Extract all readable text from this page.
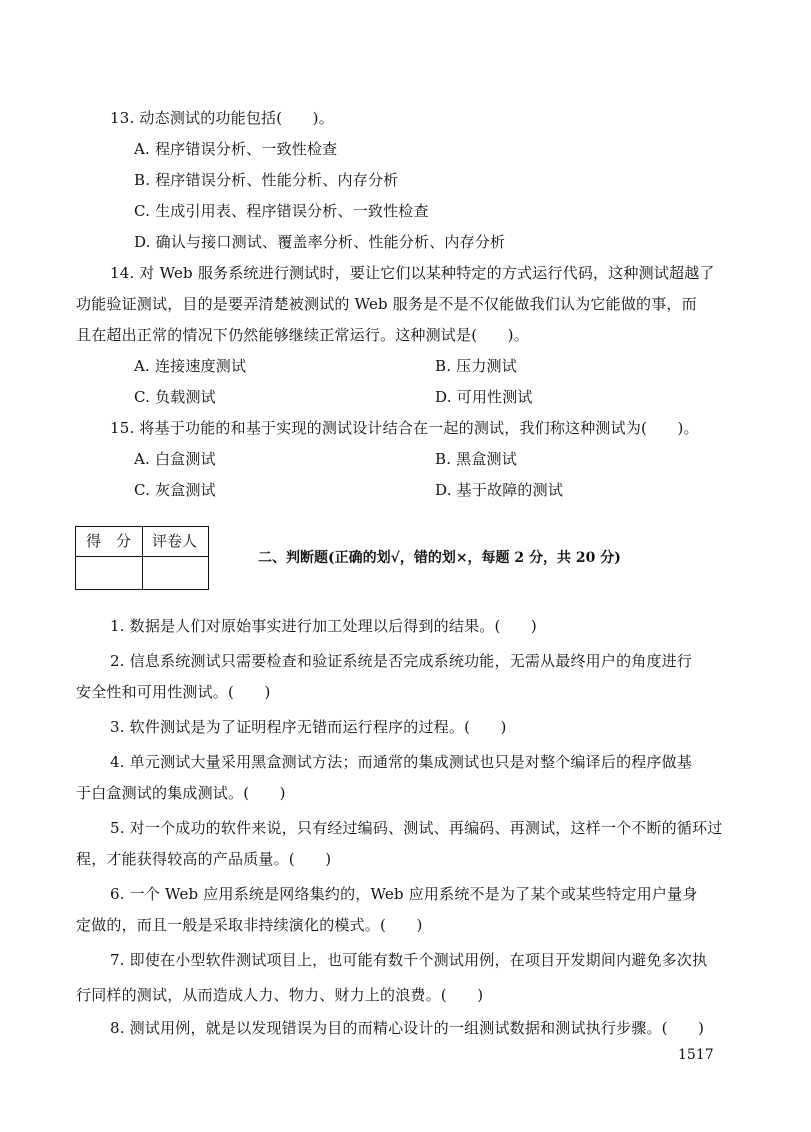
13. 动态测试的功能包括(　　)。
A. 程序错误分析、一致性检查
B. 程序错误分析、性能分析、内存分析
C. 生成引用表、程序错误分析、一致性检查
D. 确认与接口测试、覆盖率分析、性能分析、内存分析
14. 对 Web 服务系统进行测试时，要让它们以某种特定的方式运行代码，这种测试超越了
功能验证测试，目的是要弄清楚被测试的 Web 服务是不是不仅能做我们认为它能做的事，而
且在超出正常的情况下仍然能够继续正常运行。这种测试是(　　)。
A. 连接速度测试	B. 压力测试
C. 负载测试	D. 可用性测试
15. 将基于功能的和基于实现的测试设计结合在一起的测试，我们称这种测试为(　　)。
A. 白盒测试	B. 黑盒测试
C. 灰盒测试	D. 基于故障的测试
得　分 评卷人
二、判断题(正确的划√，错的划×，每题 2 分，共 20 分)
1. 数据是人们对原始事实进行加工处理以后得到的结果。(　　)
2. 信息系统测试只需要检查和验证系统是否完成系统功能，无需从最终用户的角度进行
安全性和可用性测试。(　　)
3. 软件测试是为了证明程序无错而运行程序的过程。(　　)
4. 单元测试大量采用黑盒测试方法；而通常的集成测试也只是对整个编译后的程序做基
于白盒测试的集成测试。(　　)
5. 对一个成功的软件来说，只有经过编码、测试、再编码、再测试，这样一个不断的循环过
程，才能获得较高的产品质量。(　　)
6. 一个 Web 应用系统是网络集约的，Web 应用系统不是为了某个或某些特定用户量身
定做的，而且一般是采取非持续演化的模式。(　　)
7. 即使在小型软件测试项目上，也可能有数千个测试用例，在项目开发期间内避免多次执
行同样的测试，从而造成人力、物力、财力上的浪费。(　　)
8. 测试用例，就是以发现错误为目的而精心设计的一组测试数据和测试执行步骤。(　　)
1517
